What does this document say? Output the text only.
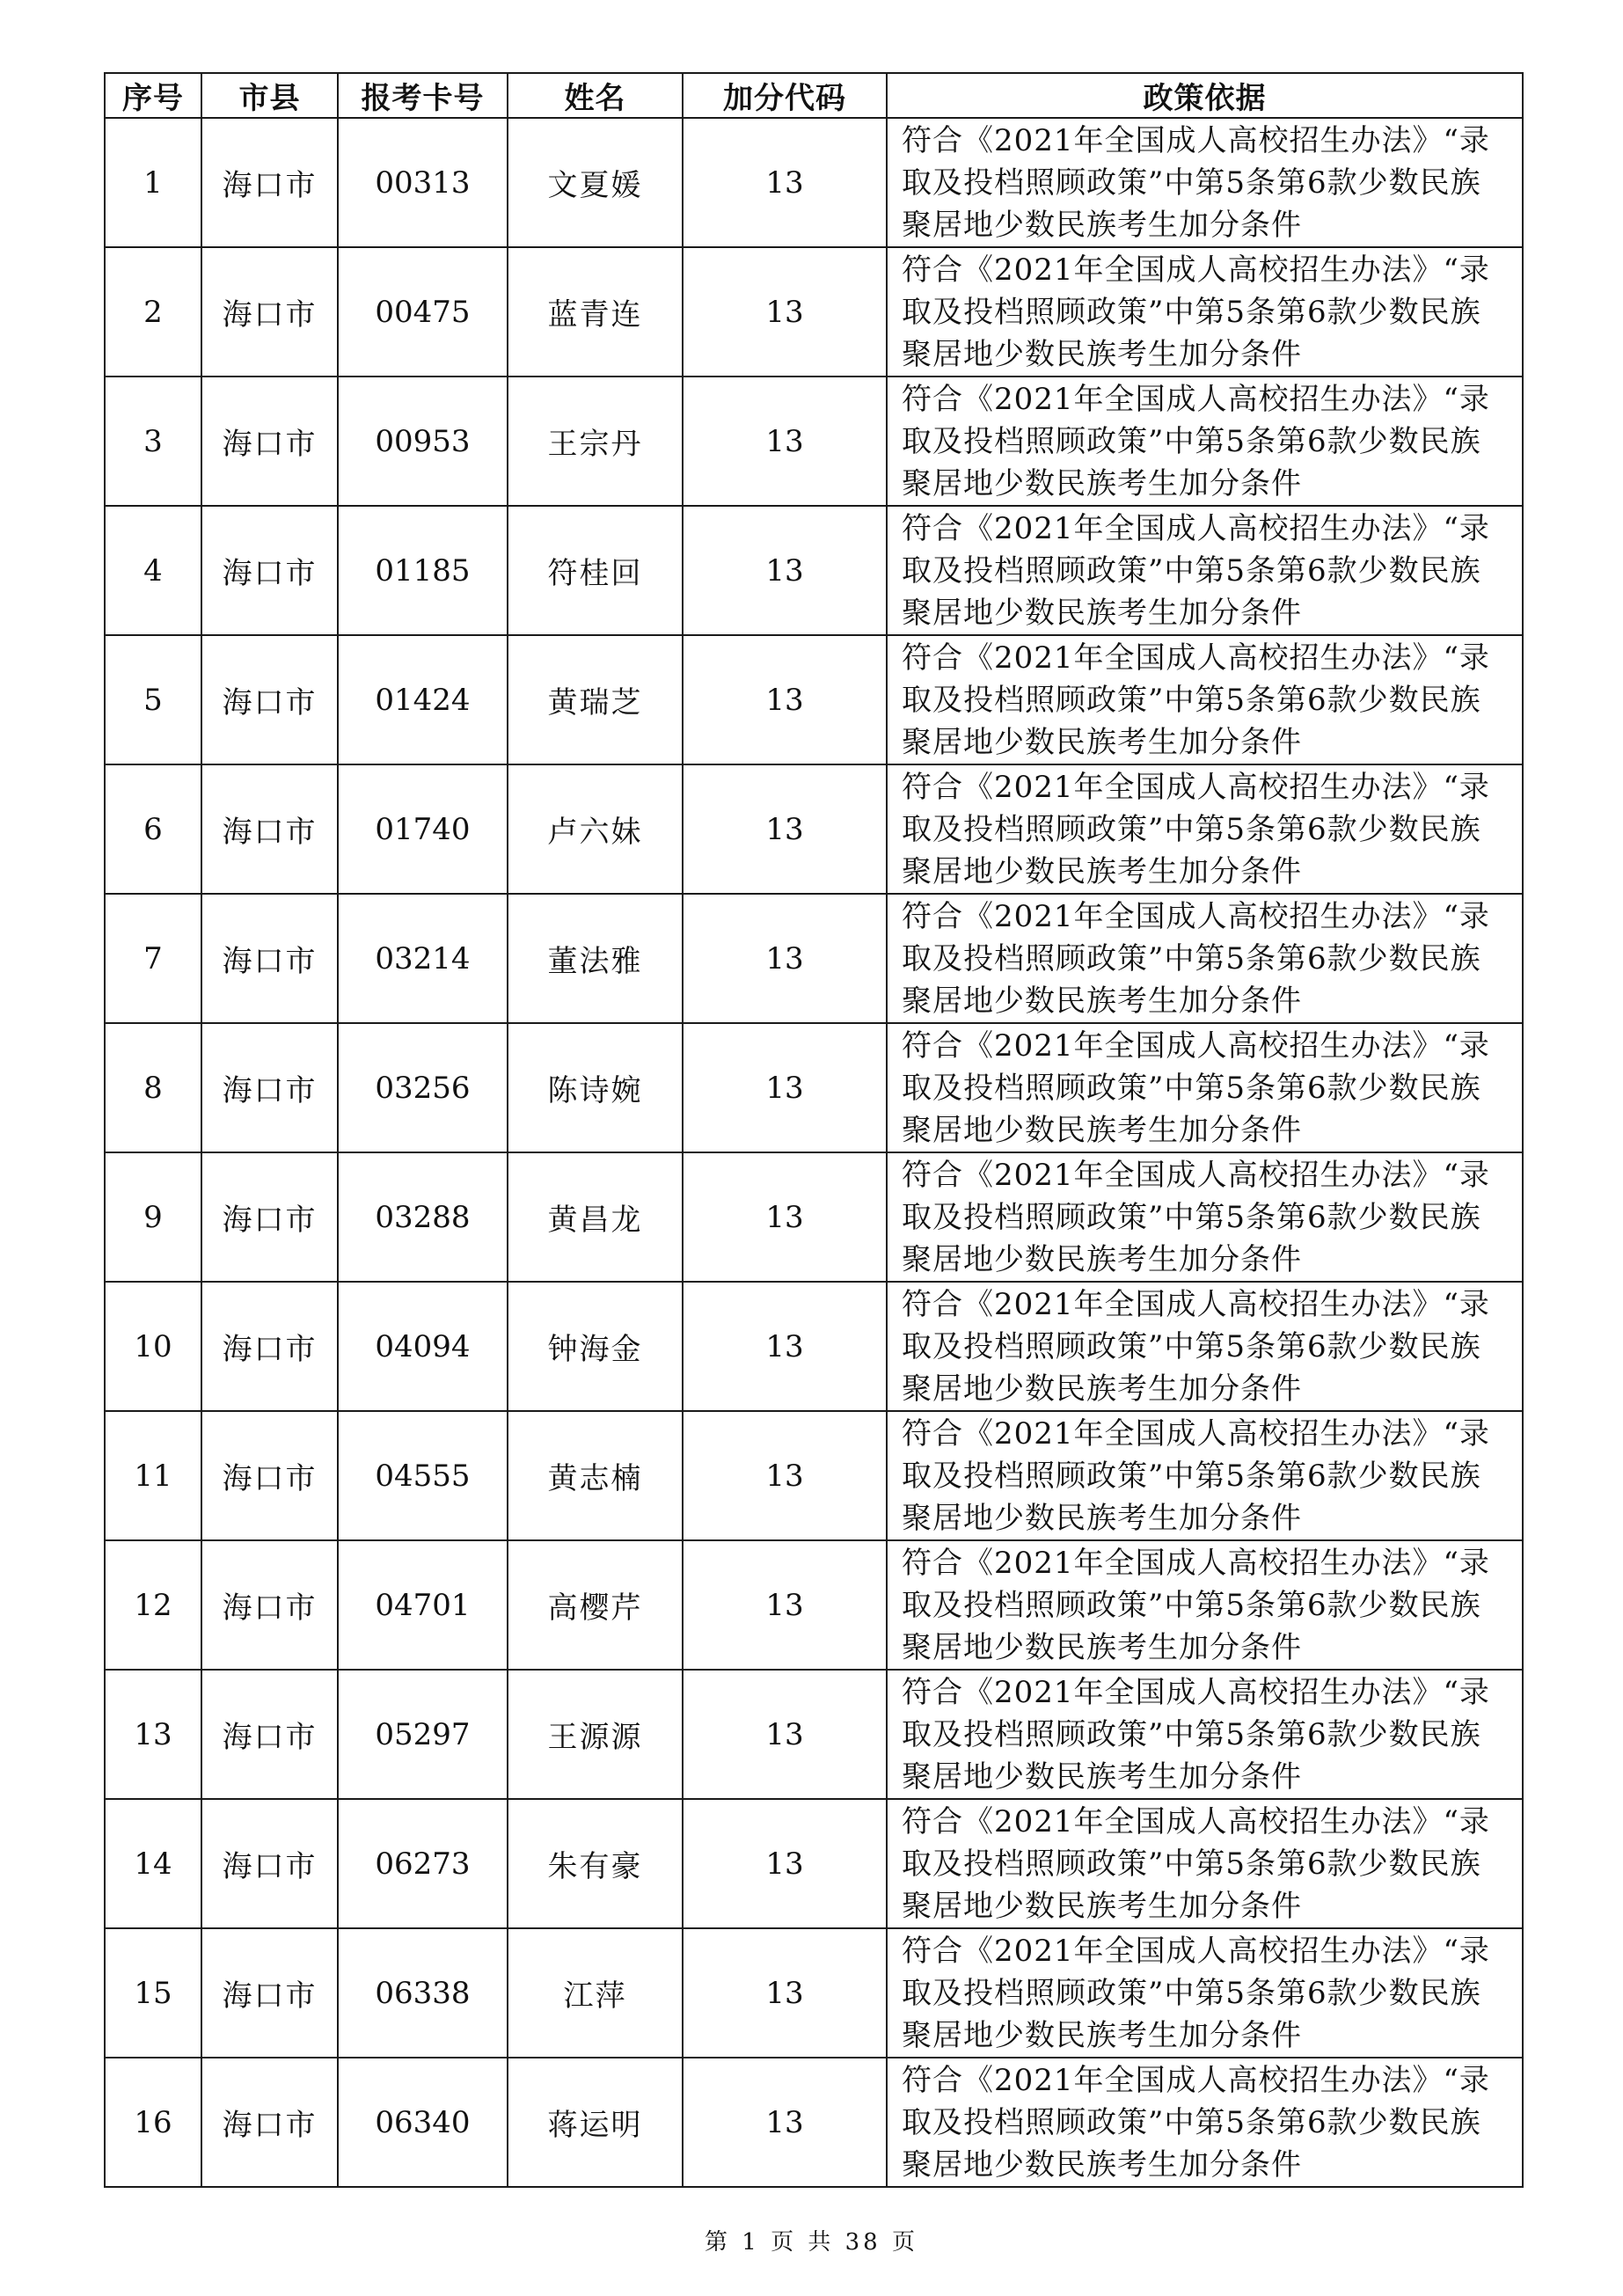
序号	市县	报考卡号	姓名	加分代码	政策依据
1	海口市	00313	文夏媛	13	符合《2021年全国成人高校招生办法》“录取及投档照顾政策”中第5条第6款少数民族聚居地少数民族考生加分条件
2	海口市	00475	蓝青连	13	符合《2021年全国成人高校招生办法》“录取及投档照顾政策”中第5条第6款少数民族聚居地少数民族考生加分条件
3	海口市	00953	王宗丹	13	符合《2021年全国成人高校招生办法》“录取及投档照顾政策”中第5条第6款少数民族聚居地少数民族考生加分条件
4	海口市	01185	符桂回	13	符合《2021年全国成人高校招生办法》“录取及投档照顾政策”中第5条第6款少数民族聚居地少数民族考生加分条件
5	海口市	01424	黄瑞芝	13	符合《2021年全国成人高校招生办法》“录取及投档照顾政策”中第5条第6款少数民族聚居地少数民族考生加分条件
6	海口市	01740	卢六妹	13	符合《2021年全国成人高校招生办法》“录取及投档照顾政策”中第5条第6款少数民族聚居地少数民族考生加分条件
7	海口市	03214	董法雅	13	符合《2021年全国成人高校招生办法》“录取及投档照顾政策”中第5条第6款少数民族聚居地少数民族考生加分条件
8	海口市	03256	陈诗婉	13	符合《2021年全国成人高校招生办法》“录取及投档照顾政策”中第5条第6款少数民族聚居地少数民族考生加分条件
9	海口市	03288	黄昌龙	13	符合《2021年全国成人高校招生办法》“录取及投档照顾政策”中第5条第6款少数民族聚居地少数民族考生加分条件
10	海口市	04094	钟海金	13	符合《2021年全国成人高校招生办法》“录取及投档照顾政策”中第5条第6款少数民族聚居地少数民族考生加分条件
11	海口市	04555	黄志楠	13	符合《2021年全国成人高校招生办法》“录取及投档照顾政策”中第5条第6款少数民族聚居地少数民族考生加分条件
12	海口市	04701	高樱芹	13	符合《2021年全国成人高校招生办法》“录取及投档照顾政策”中第5条第6款少数民族聚居地少数民族考生加分条件
13	海口市	05297	王源源	13	符合《2021年全国成人高校招生办法》“录取及投档照顾政策”中第5条第6款少数民族聚居地少数民族考生加分条件
14	海口市	06273	朱有豪	13	符合《2021年全国成人高校招生办法》“录取及投档照顾政策”中第5条第6款少数民族聚居地少数民族考生加分条件
15	海口市	06338	江萍	13	符合《2021年全国成人高校招生办法》“录取及投档照顾政策”中第5条第6款少数民族聚居地少数民族考生加分条件
16	海口市	06340	蒋运明	13	符合《2021年全国成人高校招生办法》“录取及投档照顾政策”中第5条第6款少数民族聚居地少数民族考生加分条件
第 1 页 共 38 页
